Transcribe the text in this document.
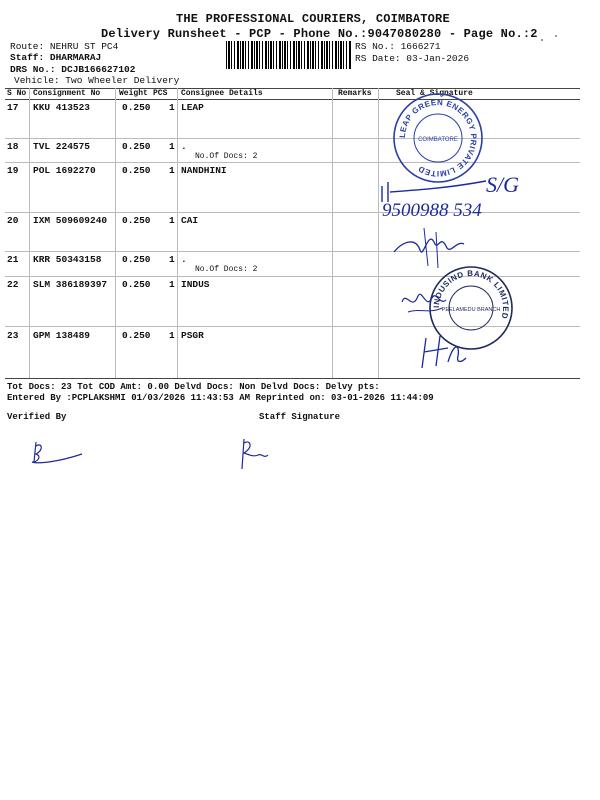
THE PROFESSIONAL COURIERS, COIMBATORE
Delivery Runsheet - PCP - Phone No.:9047080280 - Page No.:2
Route: NEHRU ST PC4
Staff: DHARMARAJ
DRS No.: DCJB166627102
Vehicle: Two Wheeler Delivery
RS No.: 1666271
RS Date: 03-Jan-2026
S No Consignment No Weight PCS Consignee Details	Remarks	Seal & Signature
17 KKU 413523	0.250 1 LEAP
18 TVL 224575	0.250 1 .
No.Of Docs: 2
19 POL 1692270	0.250 1 NANDHINI
20 IXM 509609240 0.250 1 CAI
21 KRR 50343158 0.250 1 .
No.Of Docs: 2
22 SLM 386189397 0.250 1 INDUS
23 GPM 138489	0.250 1 PSGR
LEAP GREEN ENERGY PRIVATE LIMITED
COIMBATORE
S/G
9500988 534
INDUSIND BANK LIMITED
PEELAMEDU BRANCH
Tot Docs: 23 Tot COD Amt: 0.00 Delvd Docs: Non Delvd Docs: Delvy pts:
Entered By :PCPLAKSHMI 01/03/2026 11:43:53 AM Reprinted on: 03-01-2026 11:44:09
Verified By	Staff Signature
